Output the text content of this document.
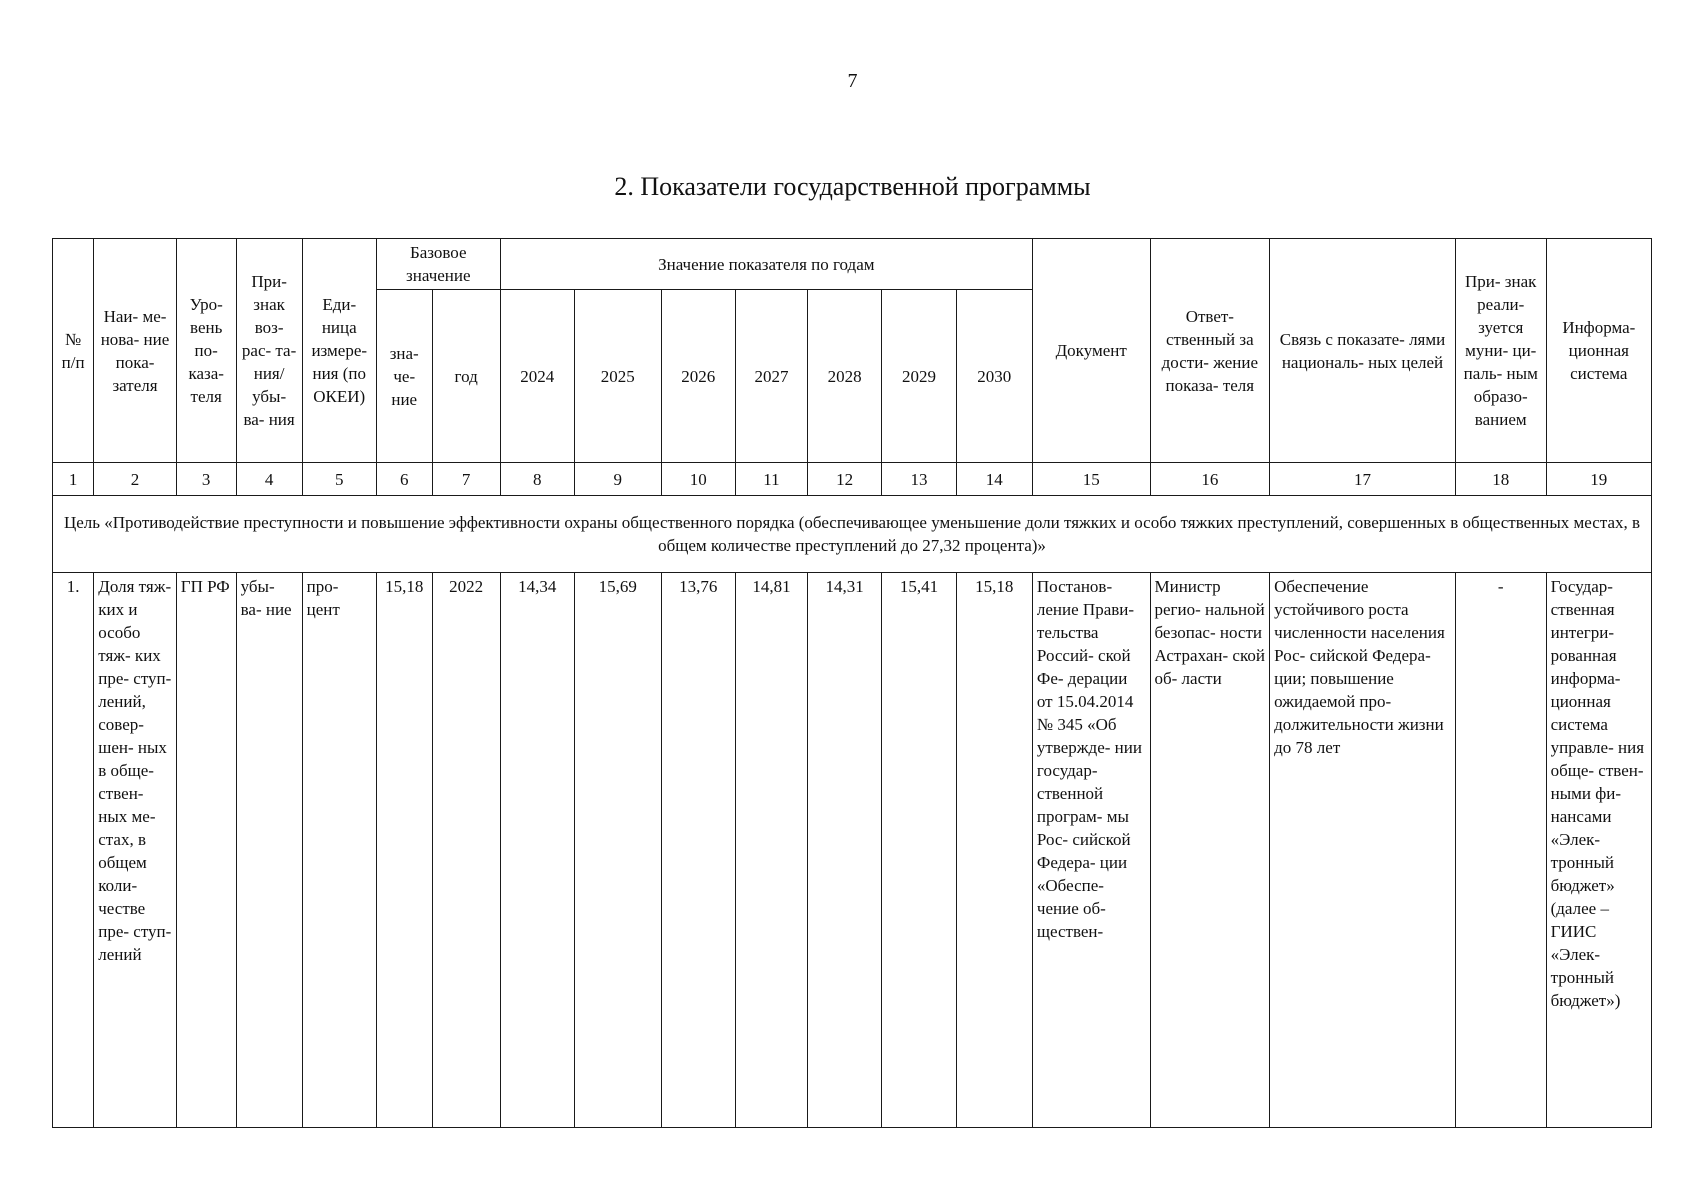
7
2. Показатели государственной программы
№ п/п	Наи- ме- нова- ние пока- зателя	Уро- вень по- каза- теля	При- знак воз- рас- та- ния/ убы- ва- ния	Еди- ница измере- ния (по ОКЕИ)	Базовое значение		Значение показателя по годам							Документ	Ответ- ственный за дости- жение показа- теля	Связь с показате- лями националь- ных целей	При- знак реали- зуется муни- ци- паль- ным образо- ванием	Информа- ционная система
					зна- че- ние	год	2024	2025	2026	2027	2028	2029	2030					
1	2	3	4	5	6	7	8	9	10	11	12	13	14	15	16	17	18	19
Цель «Противодействие преступности и повышение эффективности охраны общественного порядка (обеспечивающее уменьшение доли тяжких и особо тяжких преступлений, совершенных в общественных местах, в общем количестве преступлений до 27,32 процента)»																		
1.	Доля тяж- ких и особо тяж- ких пре- ступ- лений, совер- шен- ных в обще- ствен- ных ме- стах, в общем коли- честве пре- ступ- лений	ГП РФ	убы- ва- ние	про- цент	15,18	2022	14,34	15,69	13,76	14,81	14,31	15,41	15,18	Постанов- ление Прави- тельства Россий- ской Фе- дерации от 15.04.2014 № 345 «Об утвержде- нии государ- ственной програм- мы Рос- сийской Федера- ции «Обеспе- чение об- ществен-	Министр регио- нальной безопас- ности Астрахан- ской об- ласти	Обеспечение устойчивого роста численности населения Рос- сийской Федера- ции; повышение ожидаемой про- должительности жизни до 78 лет	-	Государ- ственная интегри- рованная информа- ционная система управле- ния обще- ствен- ными фи- нансами «Элек- тронный бюджет» (далее – ГИИС «Элек- тронный бюджет»)
